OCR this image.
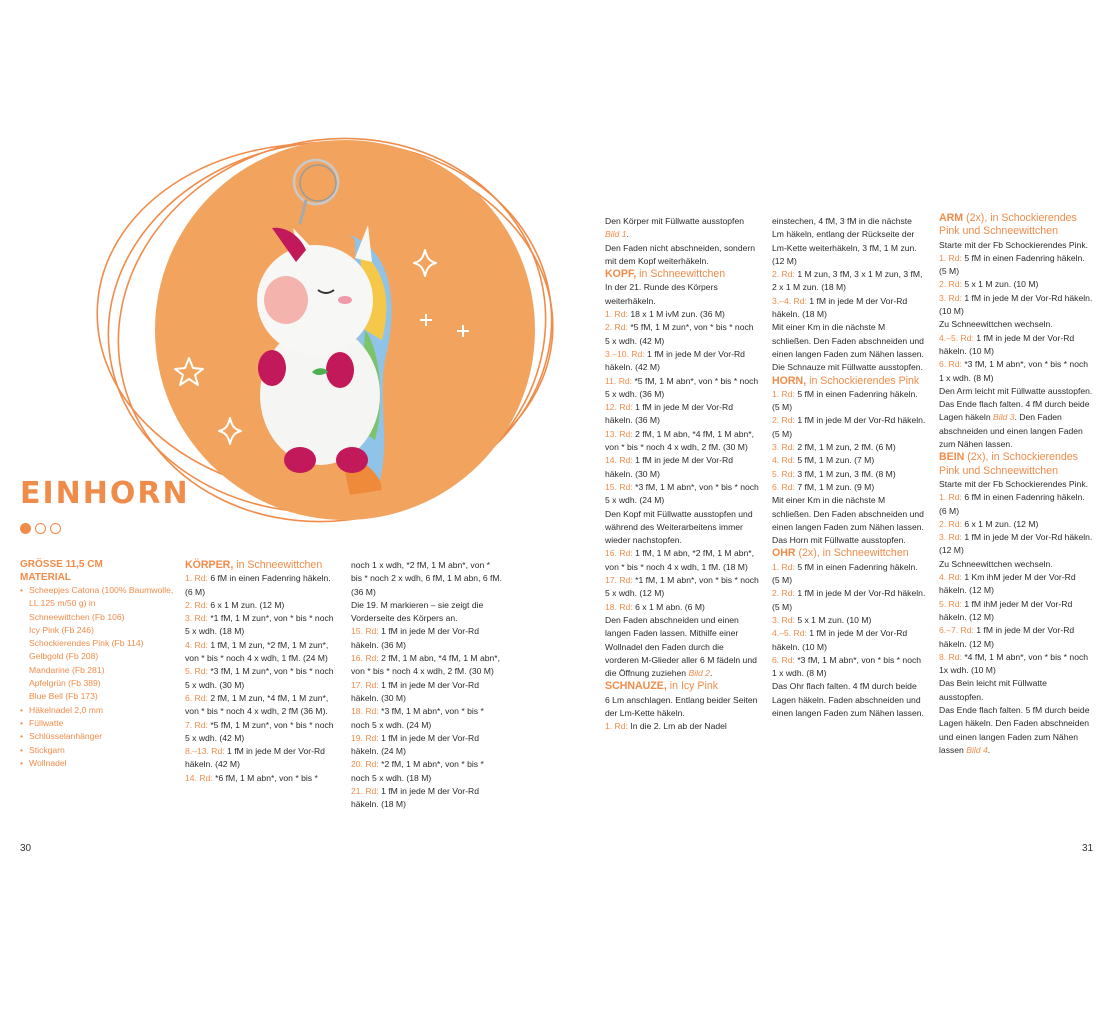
EINHORN
GRÖSSE 11,5 CM
MATERIAL
• Scheepjes Catona (100% Baumwolle, LL 125 m/50 g) in
Schneewittchen (Fb 106)
Icy Pink (Fb 246)
Schockierendes Pink (Fb 114)
Gelbgold (Fb 208)
Mandarine (Fb 281)
Apfelgrün (Fb 389)
Blue Bell (Fb 173)
• Häkelnadel 2,0 mm
• Füllwatte
• Schlüsselanhänger
• Stickgarn
• Wollnadel

KÖRPER, in Schneewittchen

1. Rd: 6 fM in einen Fadenring häkeln. (6 M)

2. Rd: 6 x 1 M zun. (12 M)

3. Rd: *1 fM, 1 M zun*, von * bis * noch 5 x wdh. (18 M)

4. Rd: 1 fM, 1 M zun, *2 fM, 1 M zun*, von * bis * noch 4 x wdh, 1 fM. (24 M)

5. Rd: *3 fM, 1 M zun*, von * bis * noch 5 x wdh. (30 M)

6. Rd: 2 fM, 1 M zun, *4 fM, 1 M zun*, von * bis * noch 4 x wdh, 2 fM (36 M).

7. Rd: *5 fM, 1 M zun*, von * bis * noch 5 x wdh. (42 M)

8.–13. Rd: 1 fM in jede M der Vor-Rd häkeln. (42 M)

14. Rd: *6 fM, 1 M abn*, von * bis *

noch 1 x wdh, *2 fM, 1 M abn*, von * bis * noch 2 x wdh, 6 fM, 1 M abn, 6 fM. (36 M)

Die 19. M markieren – sie zeigt die Vorderseite des Körpers an.

15. Rd: 1 fM in jede M der Vor-Rd häkeln. (36 M)

16. Rd: 2 fM, 1 M abn, *4 fM, 1 M abn*, von * bis * noch 4 x wdh, 2 fM. (30 M)

17. Rd: 1 fM in jede M der Vor-Rd häkeln. (30 M)

18. Rd: *3 fM, 1 M abn*, von * bis * noch 5 x wdh. (24 M)

19. Rd: 1 fM in jede M der Vor-Rd häkeln. (24 M)

20. Rd: *2 fM, 1 M abn*, von * bis * noch 5 x wdh. (18 M)

21. Rd: 1 fM in jede M der Vor-Rd häkeln. (18 M)

30

Den Körper mit Füllwatte ausstopfen Bild 1.

Den Faden nicht abschneiden, sondern mit dem Kopf weiterhäkeln.

KOPF, in Schneewittchen

In der 21. Runde des Körpers weiterhäkeln.

1. Rd: 18 x 1 M ivM zun. (36 M)

2. Rd: *5 fM, 1 M zun*, von * bis * noch 5 x wdh. (42 M)

3.–10. Rd: 1 fM in jede M der Vor-Rd häkeln. (42 M)

11. Rd: *5 fM, 1 M abn*, von * bis * noch 5 x wdh. (36 M)

12. Rd: 1 fM in jede M der Vor-Rd häkeln. (36 M)

13. Rd: 2 fM, 1 M abn, *4 fM, 1 M abn*, von * bis * noch 4 x wdh, 2 fM. (30 M)

14. Rd: 1 fM in jede M der Vor-Rd häkeln. (30 M)

15. Rd: *3 fM, 1 M abn*, von * bis * noch 5 x wdh. (24 M)

Den Kopf mit Füllwatte ausstopfen und während des Weiterarbeitens immer wieder nachstopfen.

16. Rd: 1 fM, 1 M abn, *2 fM, 1 M abn*, von * bis * noch 4 x wdh, 1 fM. (18 M)

17. Rd: *1 fM, 1 M abn*, von * bis * noch 5 x wdh. (12 M)

18. Rd: 6 x 1 M abn. (6 M)

Den Faden abschneiden und einen langen Faden lassen. Mithilfe einer Wollnadel den Faden durch die vorderen M-Glieder aller 6 M fädeln und die Öffnung zuziehen Bild 2.

SCHNAUZE, in Icy Pink

6 Lm anschlagen. Entlang beider Seiten der Lm-Kette häkeln.

1. Rd: In die 2. Lm ab der Nadel

einstechen, 4 fM, 3 fM in die nächste Lm häkeln, entlang der Rückseite der Lm-Kette weiterhäkeln, 3 fM, 1 M zun. (12 M)

2. Rd: 1 M zun, 3 fM, 3 x 1 M zun, 3 fM, 2 x 1 M zun. (18 M)

3.–4. Rd: 1 fM in jede M der Vor-Rd häkeln. (18 M)

Mit einer Km in die nächste M schließen. Den Faden abschneiden und einen langen Faden zum Nähen lassen.

Die Schnauze mit Füllwatte ausstopfen.

HORN, in Schockierendes Pink

1. Rd: 5 fM in einen Fadenring häkeln. (5 M)

2. Rd: 1 fM in jede M der Vor-Rd häkeln. (5 M)

3. Rd: 2 fM, 1 M zun, 2 fM. (6 M)

4. Rd: 5 fM, 1 M zun. (7 M)

5. Rd: 3 fM, 1 M zun, 3 fM. (8 M)

6. Rd: 7 fM, 1 M zun. (9 M)

Mit einer Km in die nächste M schließen. Den Faden abschneiden und einen langen Faden zum Nähen lassen.

Das Horn mit Füllwatte ausstopfen.

OHR (2x), in Schneewittchen

1. Rd: 5 fM in einen Fadenring häkeln. (5 M)

2. Rd: 1 fM in jede M der Vor-Rd häkeln. (5 M)

3. Rd: 5 x 1 M zun. (10 M)

4.–5. Rd: 1 fM in jede M der Vor-Rd häkeln. (10 M)

6. Rd: *3 fM, 1 M abn*, von * bis * noch 1 x wdh. (8 M)

Das Ohr flach falten. 4 fM durch beide Lagen häkeln. Faden abschneiden und einen langen Faden zum Nähen lassen.

ARM (2x), in Schockierendes Pink und Schneewittchen

Starte mit der Fb Schockierendes Pink.

1. Rd: 5 fM in einen Fadenring häkeln. (5 M)

2. Rd: 5 x 1 M zun. (10 M)

3. Rd: 1 fM in jede M der Vor-Rd häkeln. (10 M)

Zu Schneewittchen wechseln.

4.–5. Rd: 1 fM in jede M der Vor-Rd häkeln. (10 M)

6. Rd: *3 fM, 1 M abn*, von * bis * noch 1 x wdh. (8 M)

Den Arm leicht mit Füllwatte ausstopfen.

Das Ende flach falten. 4 fM durch beide Lagen häkeln Bild 3. Den Faden abschneiden und einen langen Faden zum Nähen lassen.

BEIN (2x), in Schockierendes Pink und Schneewittchen

Starte mit der Fb Schockierendes Pink.

1. Rd: 6 fM in einen Fadenring häkeln. (6 M)

2. Rd: 6 x 1 M zun. (12 M)

3. Rd: 1 fM in jede M der Vor-Rd häkeln. (12 M)

Zu Schneewittchen wechseln.

4. Rd: 1 Km ihM jeder M der Vor-Rd häkeln. (12 M)

5. Rd: 1 fM ihM jeder M der Vor-Rd häkeln. (12 M)

6.–7. Rd: 1 fM in jede M der Vor-Rd häkeln. (12 M)

8. Rd: *4 fM, 1 M abn*, von * bis * noch 1x wdh. (10 M)

Das Bein leicht mit Füllwatte ausstopfen.

Das Ende flach falten. 5 fM durch beide Lagen häkeln. Den Faden abschneiden und einen langen Faden zum Nähen lassen Bild 4.

31
